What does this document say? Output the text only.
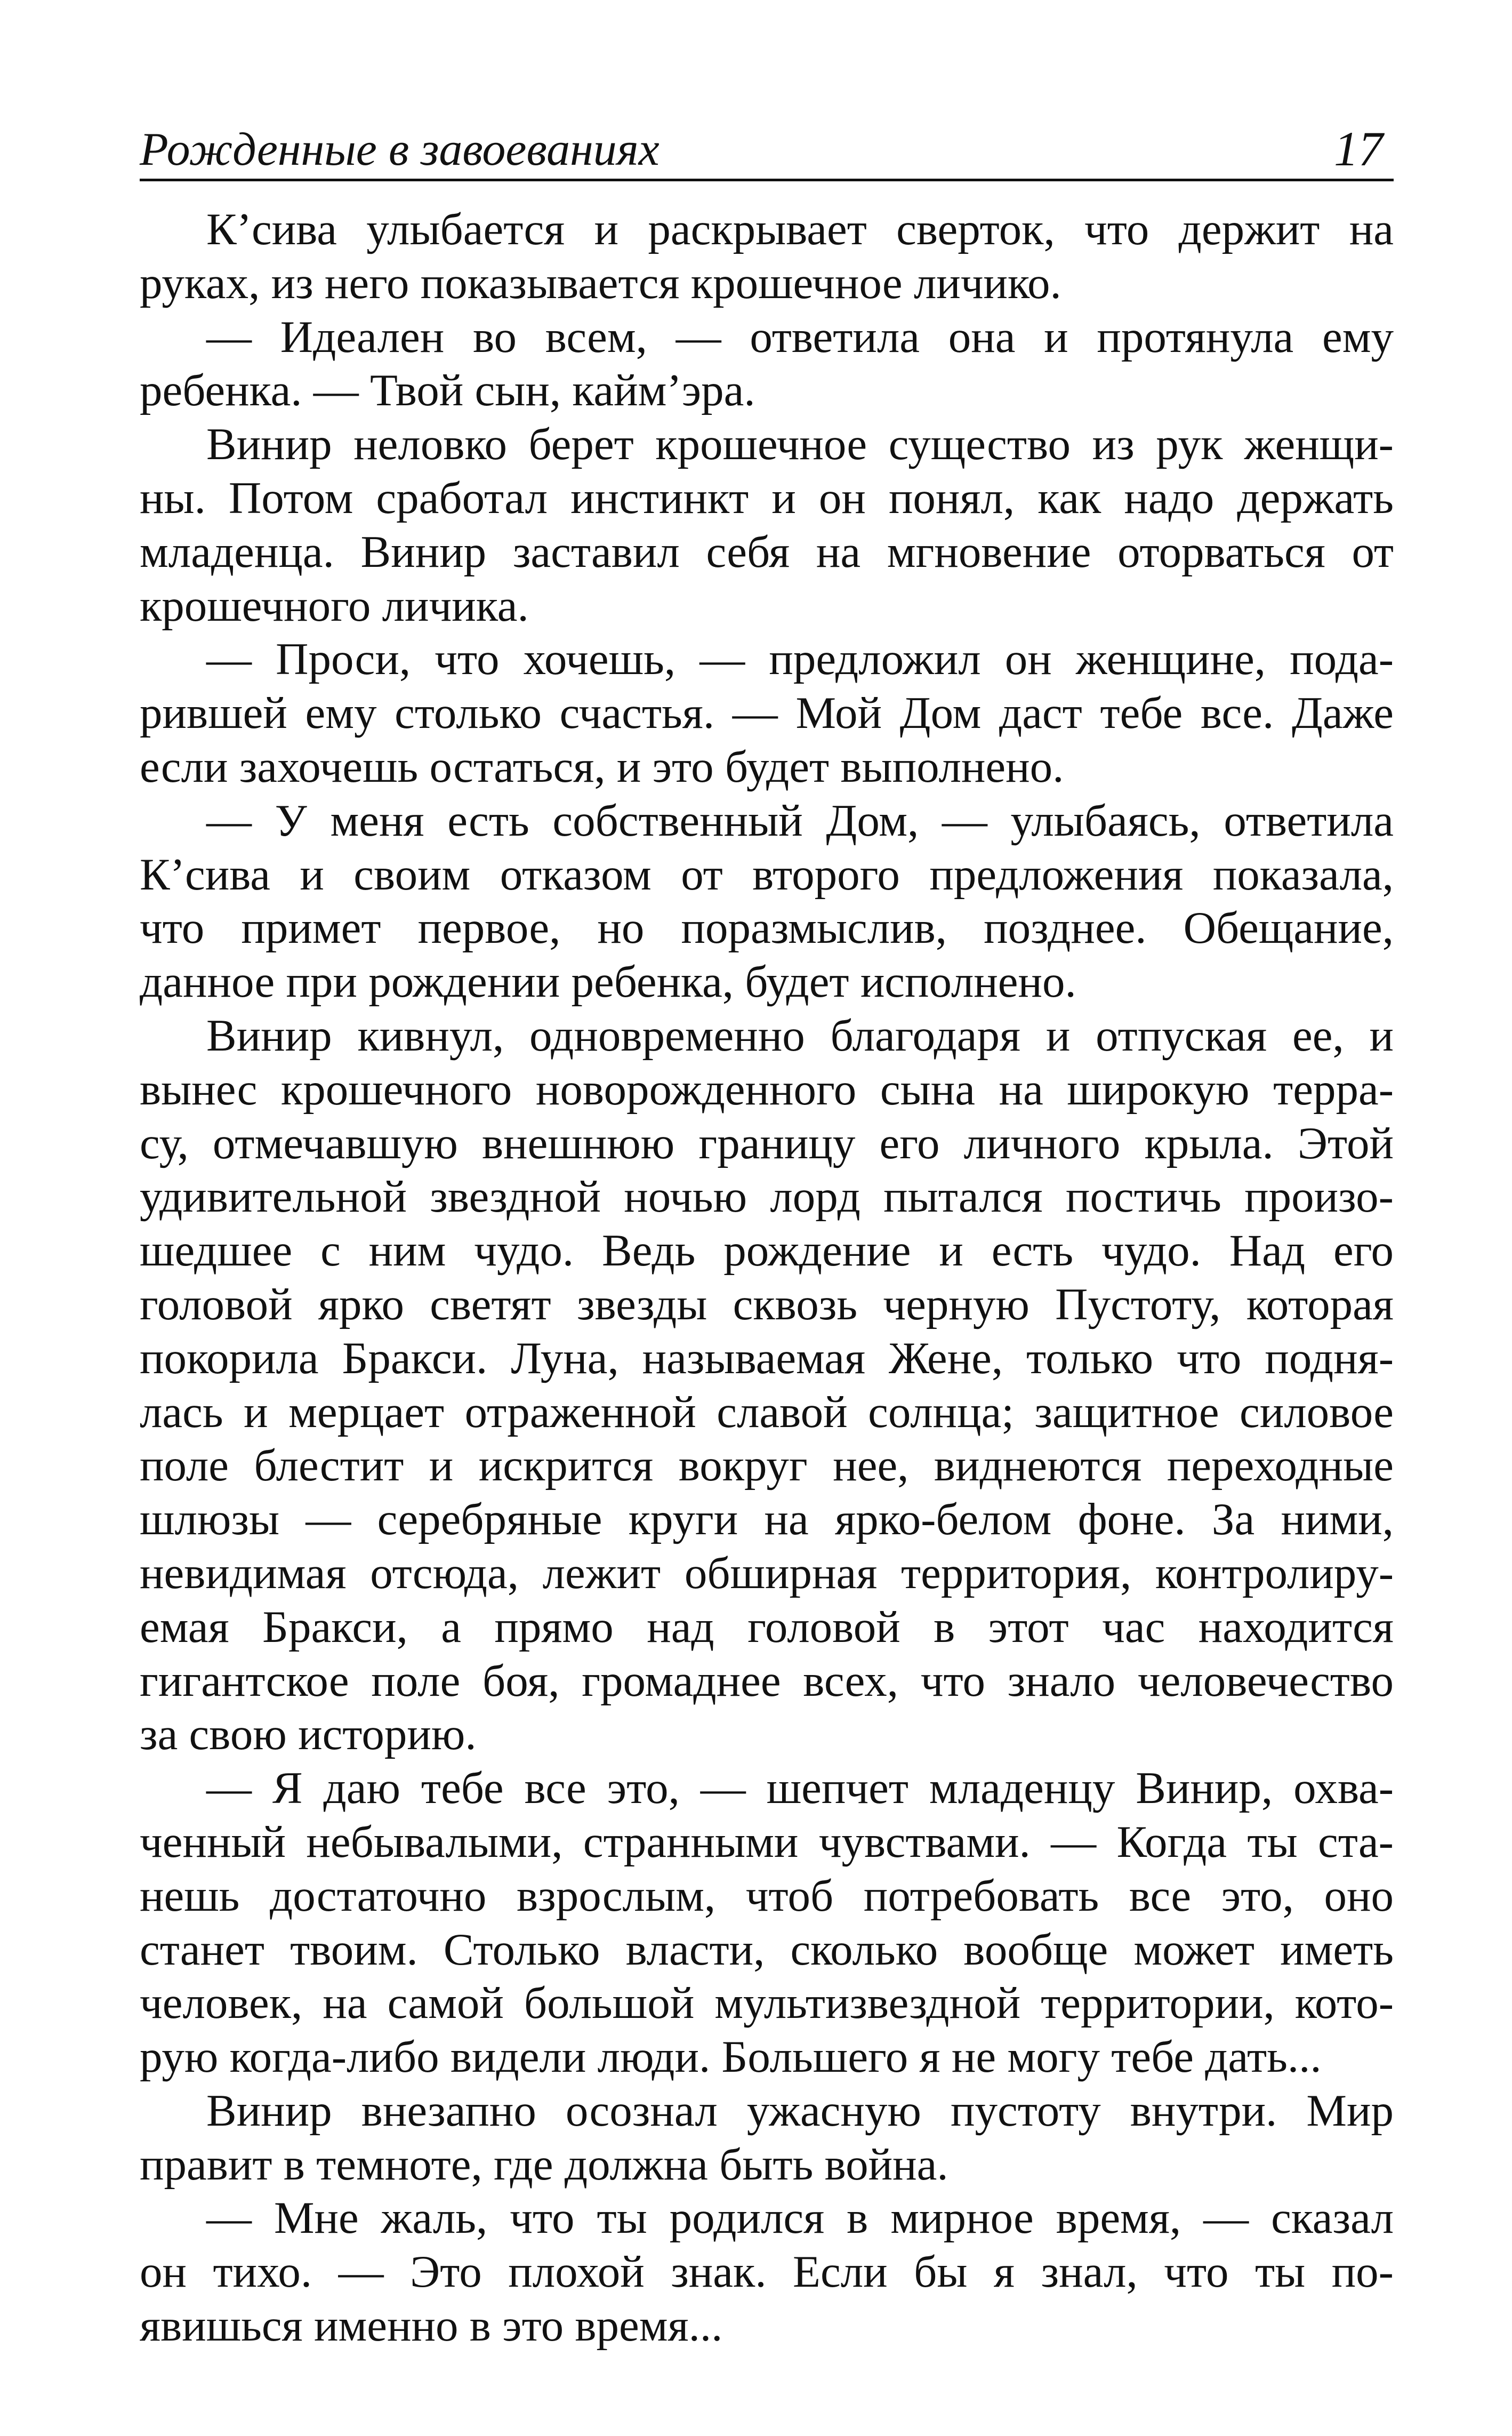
Рожденные в завоеваниях	17
К’сива улыбается и раскрывает сверток, что держит на
руках, из него показывается крошечное личико.
— Идеален во всем, — ответила она и протянула ему
ребенка. — Твой сын, кайм’эра.
Винир неловко берет крошечное существо из рук женщи-
ны. Потом сработал инстинкт и он понял, как надо держать
младенца. Винир заставил себя на мгновение оторваться от
крошечного личика.
— Проси, что хочешь, — предложил он женщине, пода-
рившей ему столько счастья. — Мой Дом даст тебе все. Даже
если захочешь остаться, и это будет выполнено.
— У меня есть собственный Дом, — улыбаясь, ответила
К’сива и своим отказом от второго предложения показала,
что примет первое, но поразмыслив, позднее. Обещание,
данное при рождении ребенка, будет исполнено.
Винир кивнул, одновременно благодаря и отпуская ее, и
вынес крошечного новорожденного сына на широкую терра-
су, отмечавшую внешнюю границу его личного крыла. Этой
удивительной звездной ночью лорд пытался постичь произо-
шедшее с ним чудо. Ведь рождение и есть чудо. Над его
головой ярко светят звезды сквозь черную Пустоту, которая
покорила Бракси. Луна, называемая Жене, только что подня-
лась и мерцает отраженной славой солнца; защитное силовое
поле блестит и искрится вокруг нее, виднеются переходные
шлюзы — серебряные круги на ярко-белом фоне. За ними,
невидимая отсюда, лежит обширная территория, контролиру-
емая Бракси, а прямо над головой в этот час находится
гигантское поле боя, громаднее всех, что знало человечество
за свою историю.
— Я даю тебе все это, — шепчет младенцу Винир, охва-
ченный небывалыми, странными чувствами. — Когда ты ста-
нешь достаточно взрослым, чтоб потребовать все это, оно
станет твоим. Столько власти, сколько вообще может иметь
человек, на самой большой мультизвездной территории, кото-
рую когда-либо видели люди. Большего я не могу тебе дать...
Винир внезапно осознал ужасную пустоту внутри. Мир
правит в темноте, где должна быть война.
— Мне жаль, что ты родился в мирное время, — сказал
он тихо. — Это плохой знак. Если бы я знал, что ты по-
явишься именно в это время...
